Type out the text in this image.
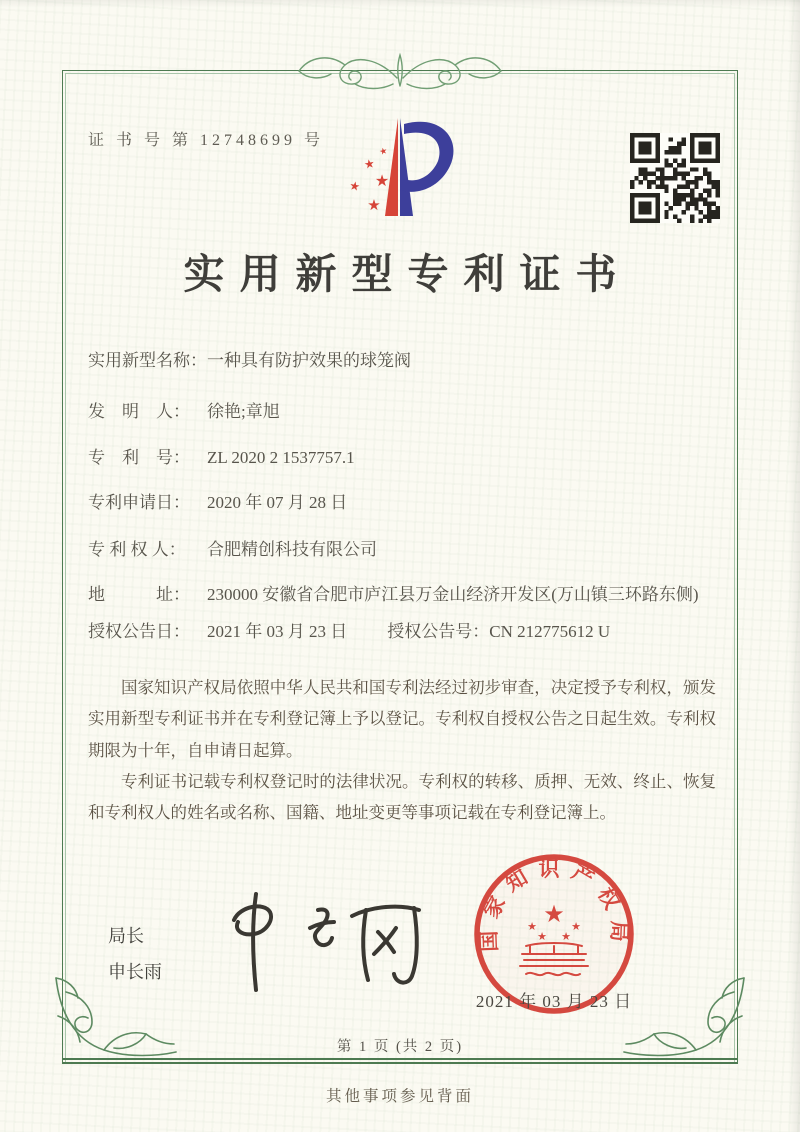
证 书 号 第 12748699 号
★
★
★
★
★
实用新型专利证书
实用新型名称： 一种具有防护效果的球笼阀
发　明　人：	徐艳;章旭
专　利　号：	ZL 2020 2 1537757.1
专利申请日：	2020 年 07 月 28 日
专 利 权 人：	合肥精创科技有限公司
地　　　址：	230000 安徽省合肥市庐江县万金山经济开发区(万山镇三环路东侧)
授权公告日：	2021 年 03 月 23 日 授权公告号： CN 212775612 U

国家知识产权局依照中华人民共和国专利法经过初步审查，决定授予专利权，颁发实用新型专利证书并在专利登记簿上予以登记。专利权自授权公告之日起生效。专利权期限为十年，自申请日起算。

专利证书记载专利权登记时的法律状况。专利权的转移、质押、无效、终止、恢复和专利权人的姓名或名称、国籍、地址变更等事项记载在专利登记簿上。

局长
申长雨
国家知识产权局
★
★	★
★ ★
2021 年 03 月 23 日
第 1 页 (共 2 页)
其他事项参见背面
